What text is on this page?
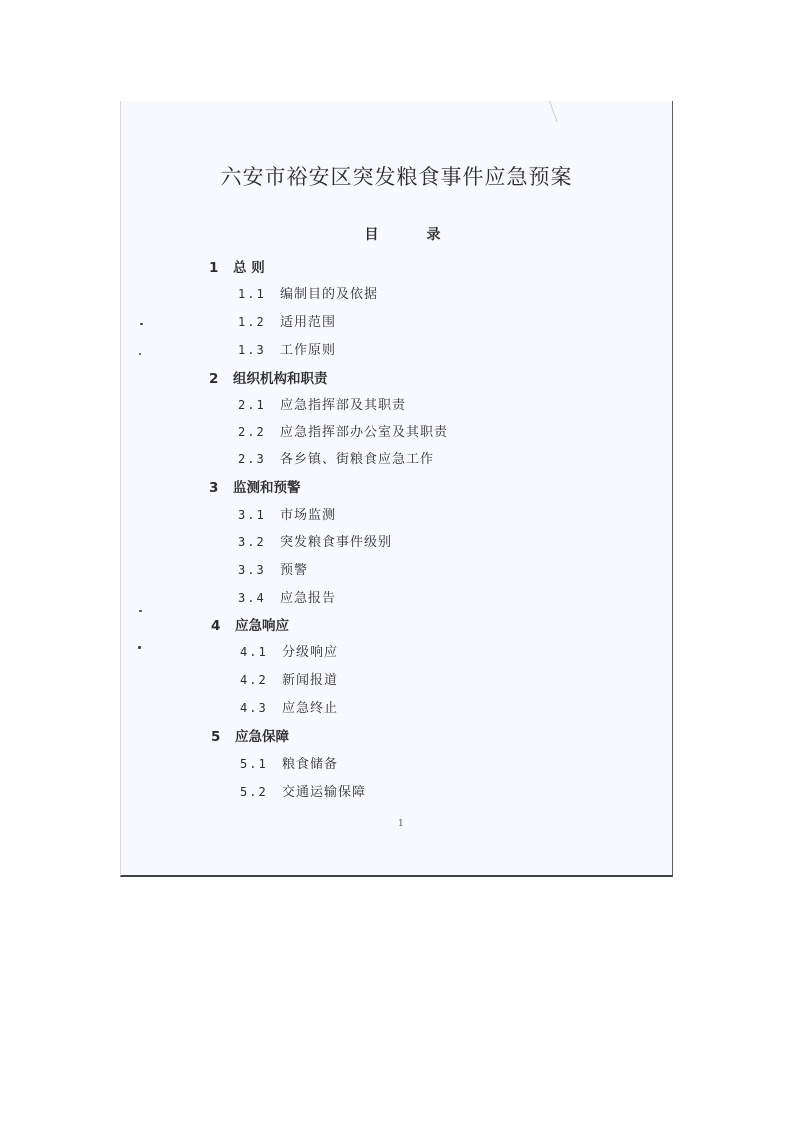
六安市裕安区突发粮食事件应急预案
目录
1 总 则
1.1 编制目的及依据
1.2 适用范围
1.3 工作原则
2 组织机构和职责
2.1 应急指挥部及其职责
2.2 应急指挥部办公室及其职责
2.3 各乡镇、街粮食应急工作
3 监测和预警
3.1 市场监测
3.2 突发粮食事件级别
3.3 预警
3.4 应急报告
4 应急响应
4.1 分级响应
4.2 新闻报道
4.3 应急终止
5 应急保障
5.1 粮食储备
5.2 交通运输保障
1
